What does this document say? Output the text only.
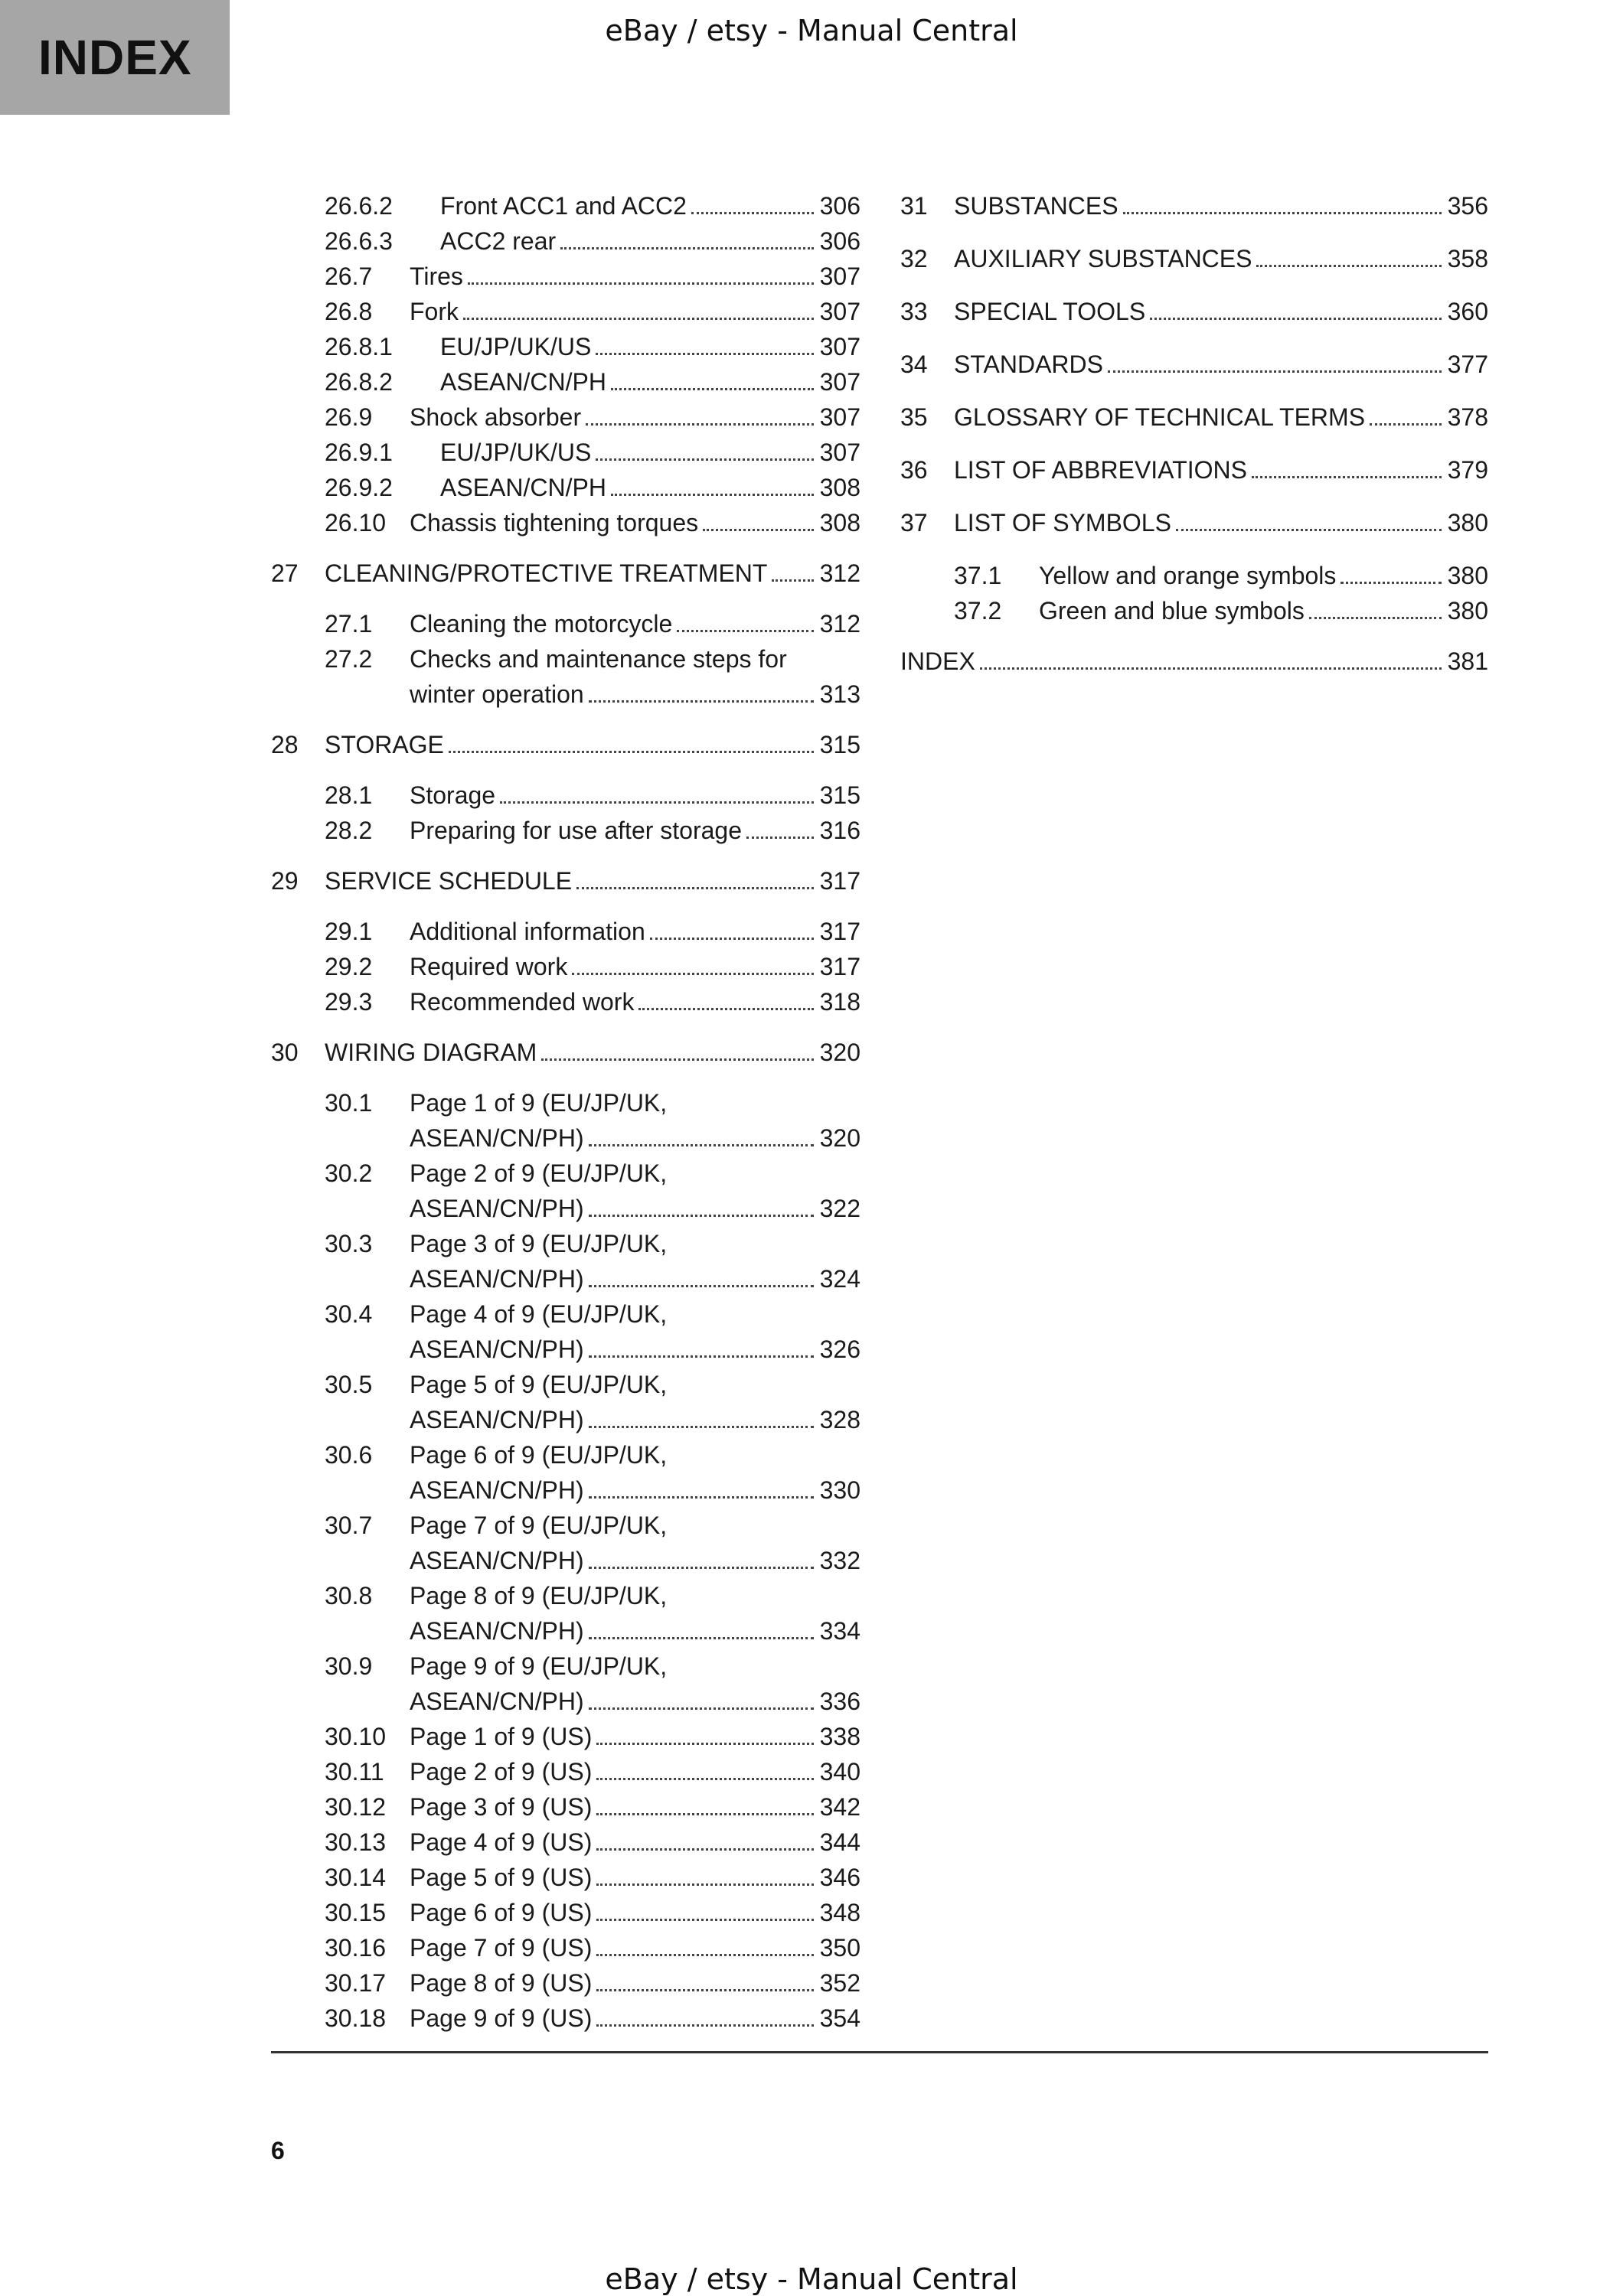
INDEX	eBay / etsy - Manual Central
26.6.2 Front ACC1 and ACC2	306
26.6.3 ACC2 rear	306
26.7 Tires	307
26.8 Fork	307
26.8.1 EU/JP/UK/US	307
26.8.2 ASEAN/CN/PH	307
26.9 Shock absorber	307
26.9.1 EU/JP/UK/US	307
26.9.2 ASEAN/CN/PH	308
26.10 Chassis tightening torques	308
27 CLEANING/PROTECTIVE TREATMENT 312
27.1 Cleaning the motorcycle	312
27.2 Checks and maintenance steps for
winter operation	313
28 STORAGE	315
28.1 Storage	315
28.2 Preparing for use after storage	316
29 SERVICE SCHEDULE	317
29.1 Additional information	317
29.2 Required work	317
29.3 Recommended work	318
30 WIRING DIAGRAM	320
30.1 Page 1 of 9 (EU/JP/UK,
ASEAN/CN/PH)	320
30.2 Page 2 of 9 (EU/JP/UK,
ASEAN/CN/PH)	322
30.3 Page 3 of 9 (EU/JP/UK,
ASEAN/CN/PH)	324
30.4 Page 4 of 9 (EU/JP/UK,
ASEAN/CN/PH)	326
30.5 Page 5 of 9 (EU/JP/UK,
ASEAN/CN/PH)	328
30.6 Page 6 of 9 (EU/JP/UK,
ASEAN/CN/PH)	330
30.7 Page 7 of 9 (EU/JP/UK,
ASEAN/CN/PH)	332
30.8 Page 8 of 9 (EU/JP/UK,
ASEAN/CN/PH)	334
30.9 Page 9 of 9 (EU/JP/UK,
ASEAN/CN/PH)	336
30.10 Page 1 of 9 (US)	338
30.11 Page 2 of 9 (US)	340
30.12 Page 3 of 9 (US)	342
30.13 Page 4 of 9 (US)	344
30.14 Page 5 of 9 (US)	346
30.15 Page 6 of 9 (US)	348
30.16 Page 7 of 9 (US)	350
30.17 Page 8 of 9 (US)	352
30.18 Page 9 of 9 (US)	354
31 SUBSTANCES	356
32 AUXILIARY SUBSTANCES	358
33 SPECIAL TOOLS	360
34 STANDARDS	377
35 GLOSSARY OF TECHNICAL TERMS	378
36 LIST OF ABBREVIATIONS	379
37 LIST OF SYMBOLS	380
37.1 Yellow and orange symbols	380
37.2 Green and blue symbols	380
INDEX	381
6
eBay / etsy - Manual Central
